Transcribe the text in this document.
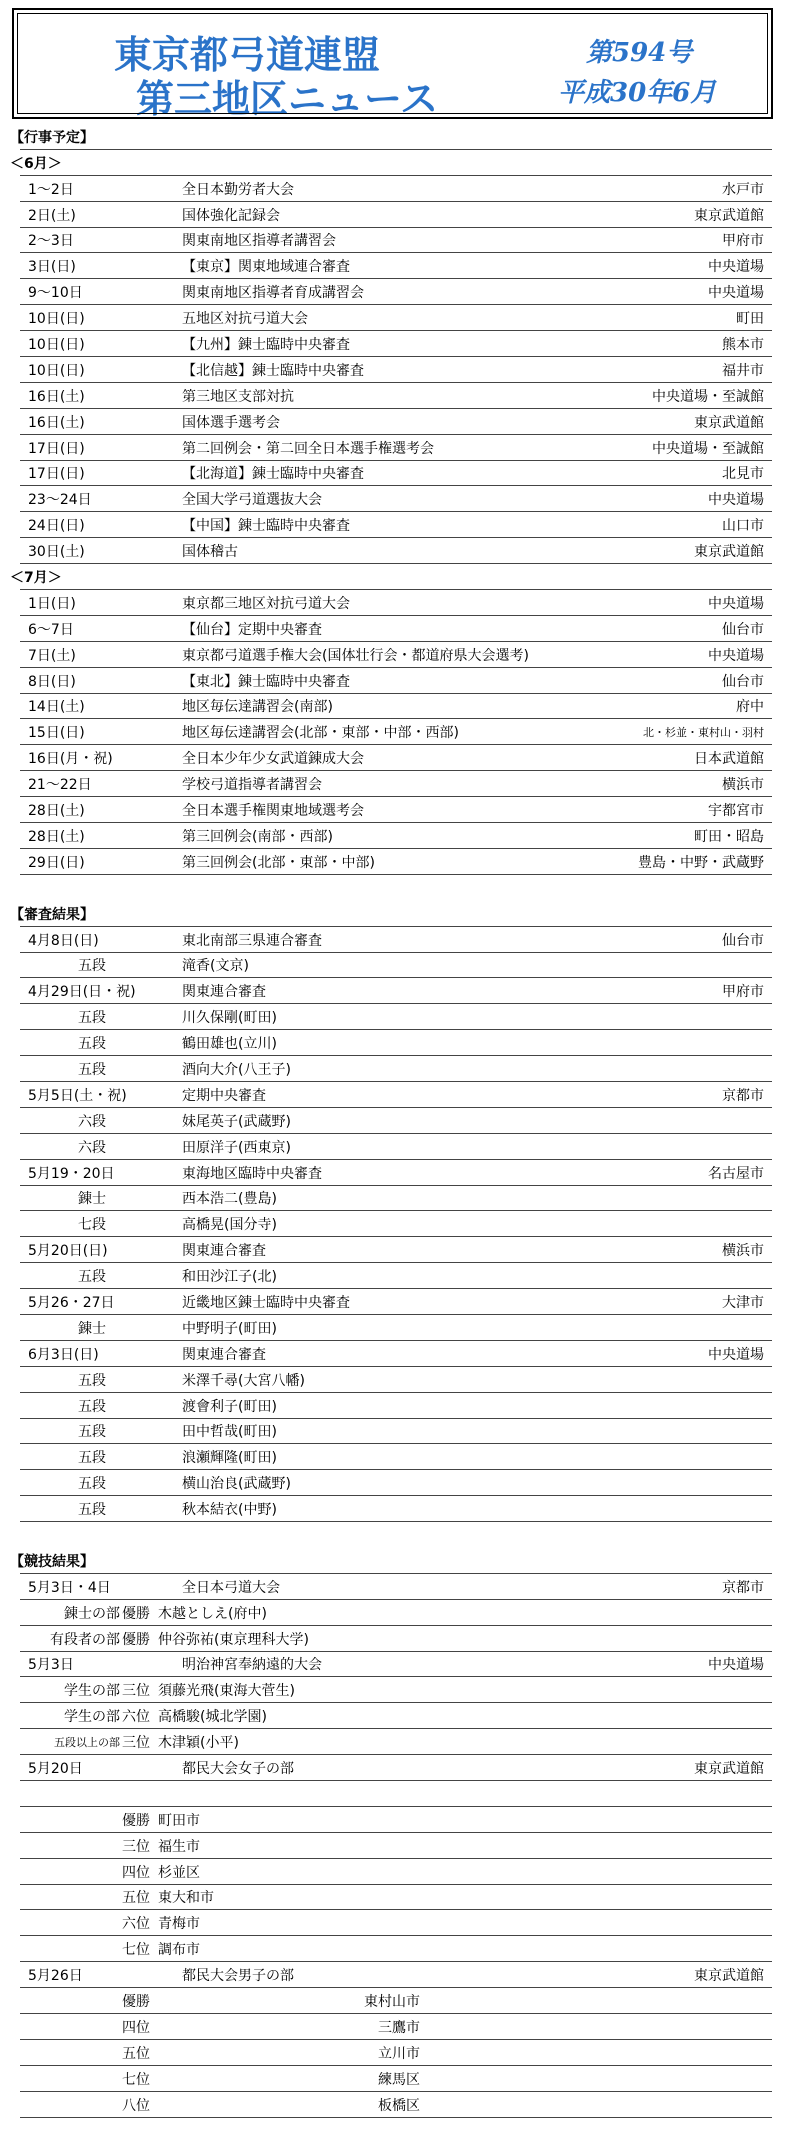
東京都弓道連盟
第三地区ニュース
第594号
平成30年6月
【行事予定】
＜6月＞
1～2日	全日本勤労者大会	水戸市
2日(土)	国体強化記録会	東京武道館
2～3日	関東南地区指導者講習会	甲府市
3日(日)	【東京】関東地域連合審査	中央道場
9～10日	関東南地区指導者育成講習会	中央道場
10日(日)	五地区対抗弓道大会	町田
10日(日)	【九州】錬士臨時中央審査	熊本市
10日(日)	【北信越】錬士臨時中央審査	福井市
16日(土)	第三地区支部対抗	中央道場・至誠館
16日(土)	国体選手選考会	東京武道館
17日(日)	第二回例会・第二回全日本選手権選考会	中央道場・至誠館
17日(日)	【北海道】錬士臨時中央審査	北見市
23～24日	全国大学弓道選抜大会	中央道場
24日(日)	【中国】錬士臨時中央審査	山口市
30日(土)	国体稽古	東京武道館
＜7月＞
1日(日)	東京都三地区対抗弓道大会	中央道場
6～7日	【仙台】定期中央審査	仙台市
7日(土)	東京都弓道選手権大会(国体壮行会・都道府県大会選考)	中央道場
8日(日)	【東北】錬士臨時中央審査	仙台市
14日(土)	地区毎伝達講習会(南部)	府中
15日(日)	地区毎伝達講習会(北部・東部・中部・西部)	北・杉並・東村山・羽村
16日(月・祝)	全日本少年少女武道錬成大会	日本武道館
21～22日	学校弓道指導者講習会	横浜市
28日(土)	全日本選手権関東地域選考会	宇都宮市
28日(土)	第三回例会(南部・西部)	町田・昭島
29日(日)	第三回例会(北部・東部・中部)	豊島・中野・武蔵野
【審査結果】
4月8日(日)	東北南部三県連合審査	仙台市
五段	滝香(文京)
4月29日(日・祝)	関東連合審査	甲府市
五段	川久保剛(町田)
五段	鶴田雄也(立川)
五段	酒向大介(八王子)
5月5日(土・祝)	定期中央審査	京都市
六段	妹尾英子(武蔵野)
六段	田原洋子(西東京)
5月19・20日	東海地区臨時中央審査	名古屋市
錬士	西本浩二(豊島)
七段	高橋晃(国分寺)
5月20日(日)	関東連合審査	横浜市
五段	和田沙江子(北)
5月26・27日	近畿地区錬士臨時中央審査	大津市
錬士	中野明子(町田)
6月3日(日)	関東連合審査	中央道場
五段	米澤千尋(大宮八幡)
五段	渡會利子(町田)
五段	田中哲哉(町田)
五段	浪瀬輝隆(町田)
五段	横山治良(武蔵野)
五段	秋本結衣(中野)
【競技結果】
5月3日・4日	全日本弓道大会	京都市
錬士の部 優勝 木越としえ(府中)
有段者の部 優勝 仲谷弥祐(東京理科大学)
5月3日	明治神宮奉納遠的大会	中央道場
学生の部 三位 須藤光飛(東海大菅生)
学生の部 六位 高橋駿(城北学園)
五段以上の部 三位 木津穎(小平)
5月20日	都民大会女子の部	東京武道館
優勝 町田市
三位 福生市
四位 杉並区
五位 東大和市
六位 青梅市
七位 調布市
5月26日	都民大会男子の部	東京武道館
優勝	東村山市
四位	三鷹市
五位	立川市
七位	練馬区
八位	板橋区
